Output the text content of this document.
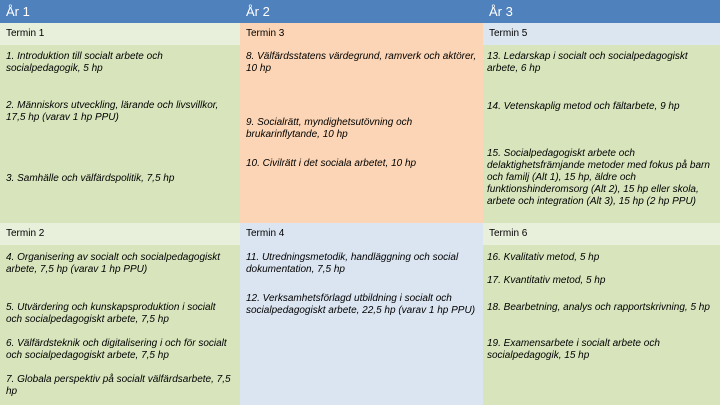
År 1	År 2	År 3
Termin 1
1. Introduktion till socialt arbete och socialpedagogik, 5 hp
2. Människors utveckling, lärande och livsvillkor, 17,5 hp (varav 1 hp PPU)
3. Samhälle och välfärdspolitik, 7,5 hp
Termin 2
4. Organisering av socialt och socialpedagogiskt arbete, 7,5 hp (varav 1 hp PPU)
5. Utvärdering och kunskapsproduktion i socialt och socialpedagogiskt arbete, 7,5 hp
6. Välfärdsteknik och digitalisering i och för socialt och socialpedagogiskt arbete, 7,5 hp
7. Globala perspektiv på socialt välfärdsarbete, 7,5 hp
Termin 3
8. Välfärdsstatens värdegrund, ramverk och aktörer, 10 hp
9. Socialrätt, myndighetsutövning och brukarinflytande, 10 hp
10. Civilrätt i det sociala arbetet, 10 hp
Termin 4
11. Utredningsmetodik, handläggning och social dokumentation, 7,5 hp
12. Verksamhetsförlagd utbildning i socialt och socialpedagogiskt arbete, 22,5 hp (varav 1 hp PPU)
Termin 5
13. Ledarskap i socialt och socialpedagogiskt arbete, 6 hp
14. Vetenskaplig metod och fältarbete, 9 hp
15. Socialpedagogiskt arbete och delaktighetsfrämjande metoder med fokus på barn och familj (Alt 1), 15 hp, äldre och funktionshinderomsorg (Alt 2), 15 hp eller skola, arbete och integration (Alt 3), 15 hp (2 hp PPU)
Termin 6
16. Kvalitativ metod, 5 hp
17. Kvantitativ metod, 5 hp
18. Bearbetning, analys och rapportskrivning, 5 hp
19. Examensarbete i socialt arbete och socialpedagogik, 15 hp
